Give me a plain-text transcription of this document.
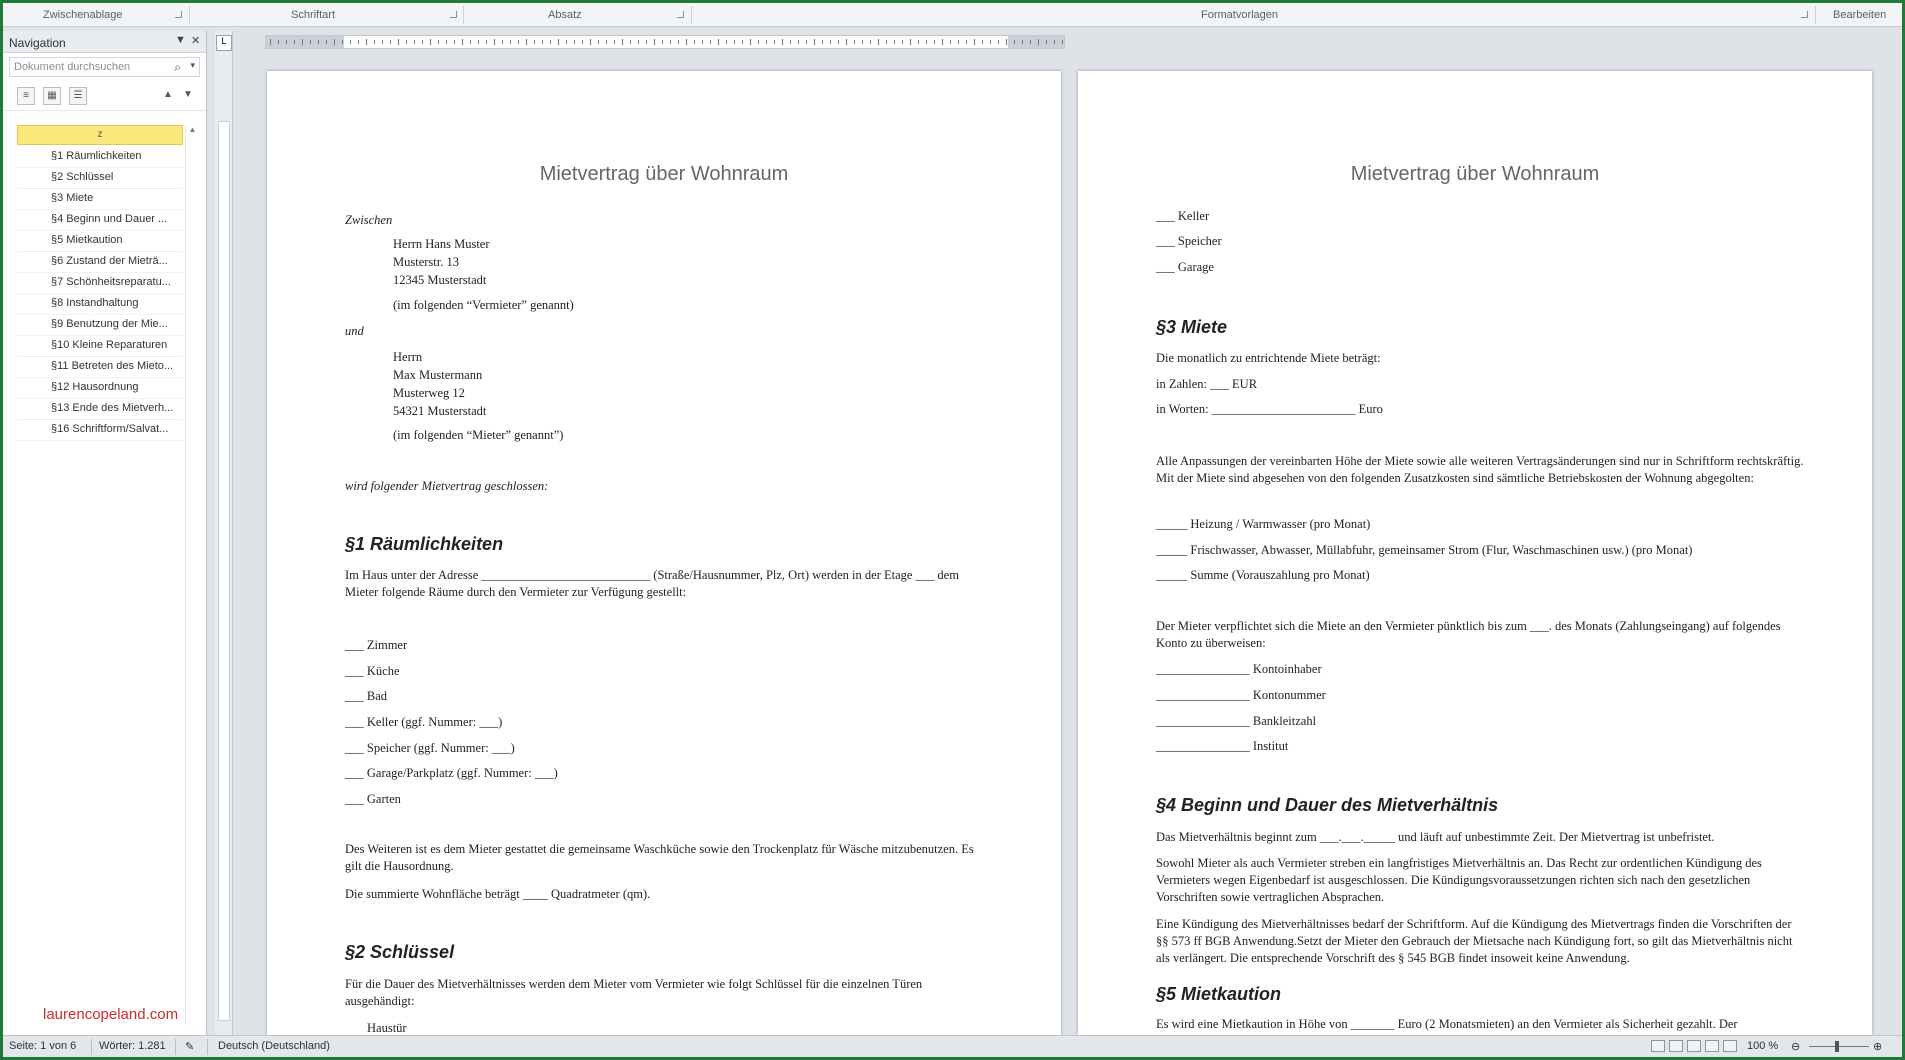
Zwischenablage	Schriftart	Absatz	Formatvorlagen	Bearbeiten
Navigation	▼ ✕
Dokument durchsuchen	⌕ ▾
≡	▦	☰	▲ ▼
z
§1 Räumlichkeiten
§2 Schlüssel
§3 Miete
§4 Beginn und Dauer ...
§5 Mietkaution
§6 Zustand der Mieträ...
§7 Schönheitsreparatu...
§8 Instandhaltung
§9 Benutzung der Mie...
§10 Kleine Reparaturen
§11 Betreten des Mieto...
§12 Hausordnung
§13 Ende des Mietverh...
§16 Schriftform/Salvat...
▲
laurencopeland.com
L
Mietvertrag über Wohnraum
Zwischen
Herrn Hans Muster
Musterstr. 13
12345 Musterstadt
(im folgenden “Vermieter” genannt)
und
Herrn
Max Mustermann
Musterweg 12
54321 Musterstadt
(im folgenden “Mieter” genannt”)
wird folgender Mietvertrag geschlossen:
§1 Räumlichkeiten
Im Haus unter der Adresse ___________________________ (Straße/Hausnummer, Plz, Ort) werden in der Etage ___ dem Mieter folgende Räume durch den Vermieter zur Verfügung gestellt:
___ Zimmer
___ Küche
___ Bad
___ Keller (ggf. Nummer: ___)
___ Speicher (ggf. Nummer: ___)
___ Garage/Parkplatz (ggf. Nummer: ___)
___ Garten
Des Weiteren ist es dem Mieter gestattet die gemeinsame Waschküche sowie den Trockenplatz für Wäsche mitzubenutzen. Es gilt die Hausordnung.
Die summierte Wohnfläche beträgt ____ Quadratmeter (qm).
§2 Schlüssel
Für die Dauer des Mietverhältnisses werden dem Mieter vom Vermieter wie folgt Schlüssel für die einzelnen Türen ausgehändigt:
Haustür
Mietvertrag über Wohnraum
___ Keller
___ Speicher
___ Garage
§3 Miete
Die monatlich zu entrichtende Miete beträgt:
in Zahlen: ___ EUR
in Worten: _______________________ Euro
Alle Anpassungen der vereinbarten Höhe der Miete sowie alle weiteren Vertragsänderungen sind nur in Schriftform rechtskräftig. Mit der Miete sind abgesehen von den folgenden Zusatzkosten sind sämtliche Betriebskosten der Wohnung abgegolten:
_____ Heizung / Warmwasser (pro Monat)
_____ Frischwasser, Abwasser, Müllabfuhr, gemeinsamer Strom (Flur, Waschmaschinen usw.) (pro Monat)
_____ Summe (Vorauszahlung pro Monat)
Der Mieter verpflichtet sich die Miete an den Vermieter pünktlich bis zum ___. des Monats (Zahlungseingang) auf folgendes Konto zu überweisen:
_______________ Kontoinhaber
_______________ Kontonummer
_______________ Bankleitzahl
_______________ Institut
§4 Beginn und Dauer des Mietverhältnis
Das Mietverhältnis beginnt zum ___.___._____ und läuft auf unbestimmte Zeit. Der Mietvertrag ist unbefristet.
Sowohl Mieter als auch Vermieter streben ein langfristiges Mietverhältnis an. Das Recht zur ordentlichen Kündigung des Vermieters wegen Eigenbedarf ist ausgeschlossen. Die Kündigungsvoraussetzungen richten sich nach den gesetzlichen Vorschriften sowie vertraglichen Absprachen.
Eine Kündigung des Mietverhältnisses bedarf der Schriftform. Auf die Kündigung des Mietvertrags finden die Vorschriften der §§ 573 ff BGB Anwendung.Setzt der Mieter den Gebrauch der Mietsache nach Kündigung fort, so gilt das Mietverhältnis nicht als verlängert. Die entsprechende Vorschrift des § 545 BGB findet insoweit keine Anwendung.
§5 Mietkaution
Es wird eine Mietkaution in Höhe von _______ Euro (2 Monatsmieten) an den Vermieter als Sicherheit gezahlt. Der
Seite: 1 von 6 Wörter: 1.281 ✎ Deutsch (Deutschland)	100 % ⊖	⊕
